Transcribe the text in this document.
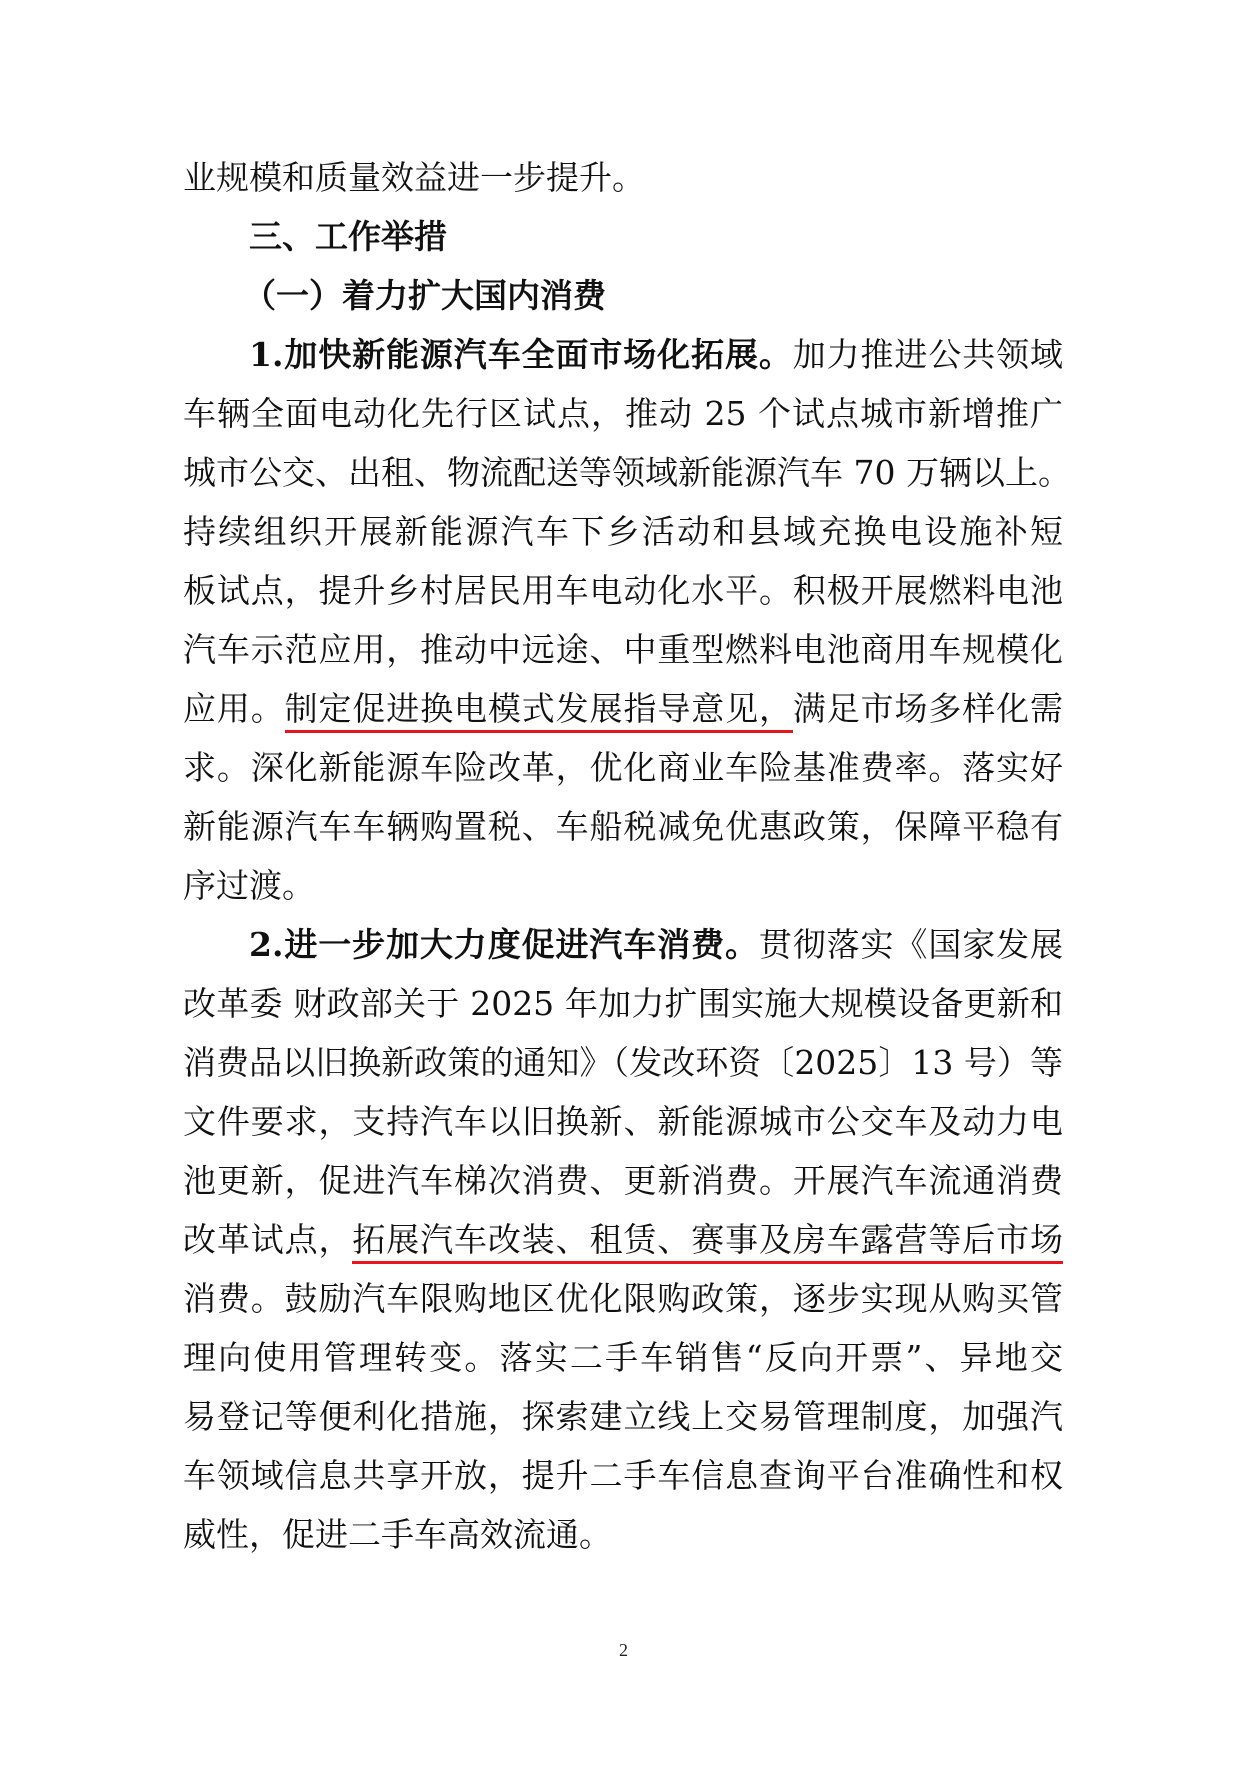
业规模和质量效益进一步提升。
三、工作举措
（一）着力扩大国内消费
1.加快新能源汽车全面市场化拓展。加力推进公共领域
车辆全面电动化先行区试点，推动 25 个试点城市新增推广
城市公交、出租、物流配送等领域新能源汽车 70 万辆以上。
持续组织开展新能源汽车下乡活动和县域充换电设施补短
板试点，提升乡村居民用车电动化水平。积极开展燃料电池
汽车示范应用，推动中远途、中重型燃料电池商用车规模化
应用。制定促进换电模式发展指导意见，满足市场多样化需
求。深化新能源车险改革，优化商业车险基准费率。落实好
新能源汽车车辆购置税、车船税减免优惠政策，保障平稳有
序过渡。
2.进一步加大力度促进汽车消费。贯彻落实《国家发展
改革委 财政部关于 2025 年加力扩围实施大规模设备更新和
消费品以旧换新政策的通知》（发改环资〔2025〕13 号）等
文件要求，支持汽车以旧换新、新能源城市公交车及动力电
池更新，促进汽车梯次消费、更新消费。开展汽车流通消费
改革试点，拓展汽车改装、租赁、赛事及房车露营等后市场
消费。鼓励汽车限购地区优化限购政策，逐步实现从购买管
理向使用管理转变。落实二手车销售“反向开票”、异地交
易登记等便利化措施，探索建立线上交易管理制度，加强汽
车领域信息共享开放，提升二手车信息查询平台准确性和权
威性，促进二手车高效流通。
2
